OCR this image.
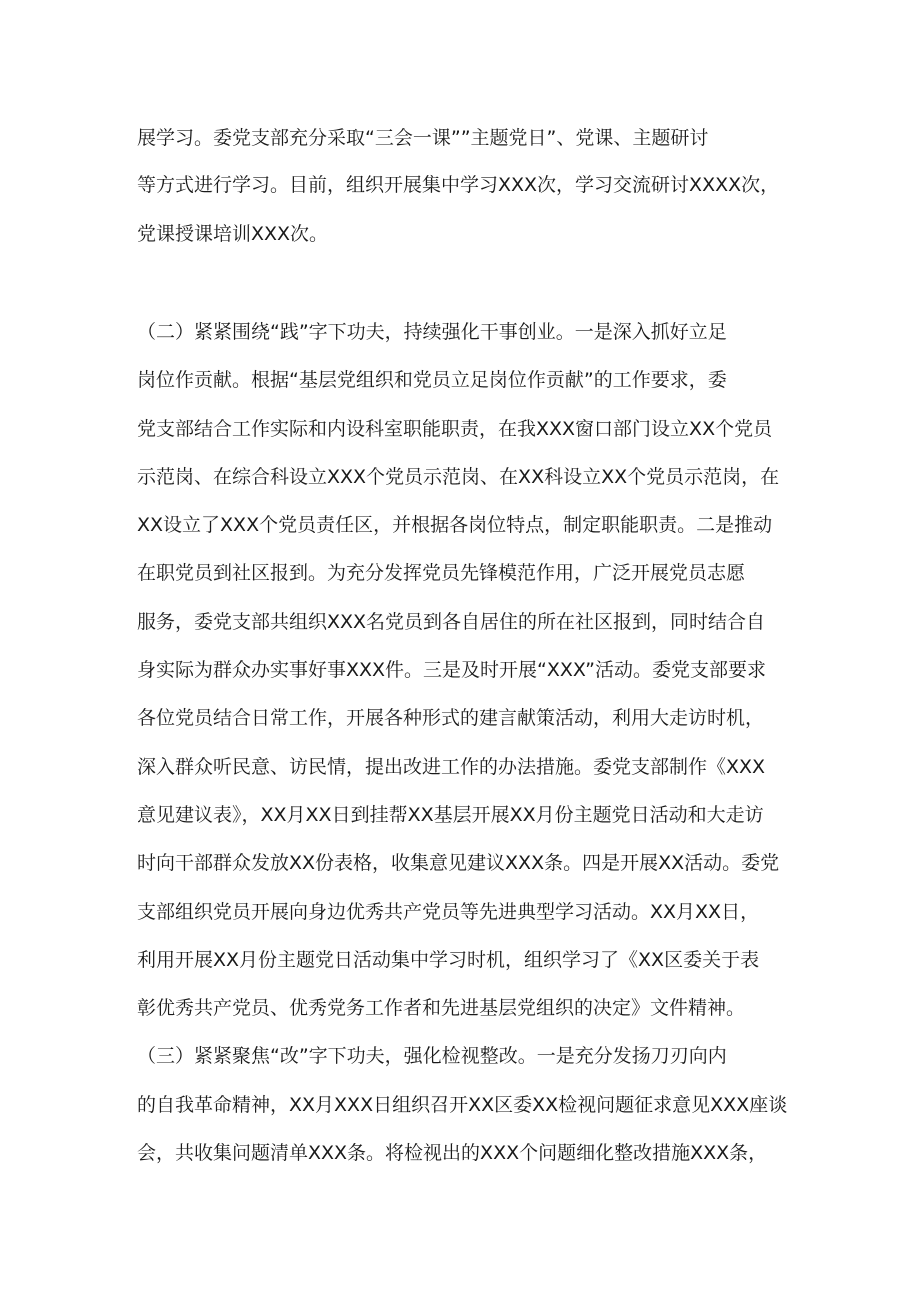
展学习。委党支部充分采取“三会一课””主题党日”、党课、主题研讨
等方式进行学习。目前，组织开展集中学习XXX次，学习交流研讨XXXX次，
党课授课培训XXX次。
（二）紧紧围绕“践”字下功夫，持续强化干事创业。一是深入抓好立足
岗位作贡献。根据“基层党组织和党员立足岗位作贡献”的工作要求，委
党支部结合工作实际和内设科室职能职责，在我XXX窗口部门设立XX个党员
示范岗、在综合科设立XXX个党员示范岗、在XX科设立XX个党员示范岗，在
XX设立了XXX个党员责任区，并根据各岗位特点，制定职能职责。二是推动
在职党员到社区报到。为充分发挥党员先锋模范作用，广泛开展党员志愿
服务，委党支部共组织XXX名党员到各自居住的所在社区报到，同时结合自
身实际为群众办实事好事XXX件。三是及时开展“XXX”活动。委党支部要求
各位党员结合日常工作，开展各种形式的建言献策活动，利用大走访时机，
深入群众听民意、访民情，提出改进工作的办法措施。委党支部制作《XXX
意见建议表》，XX月XX日到挂帮XX基层开展XX月份主题党日活动和大走访
时向干部群众发放XX份表格，收集意见建议XXX条。四是开展XX活动。委党
支部组织党员开展向身边优秀共产党员等先进典型学习活动。XX月XX日，
利用开展XX月份主题党日活动集中学习时机，组织学习了《XX区委关于表
彰优秀共产党员、优秀党务工作者和先进基层党组织的决定》文件精神。
（三）紧紧聚焦“改”字下功夫，强化检视整改。一是充分发扬刀刃向内
的自我革命精神，XX月XXX日组织召开XX区委XX检视问题征求意见XXX座谈
会，共收集问题清单XXX条。将检视出的XXX个问题细化整改措施XXX条，
